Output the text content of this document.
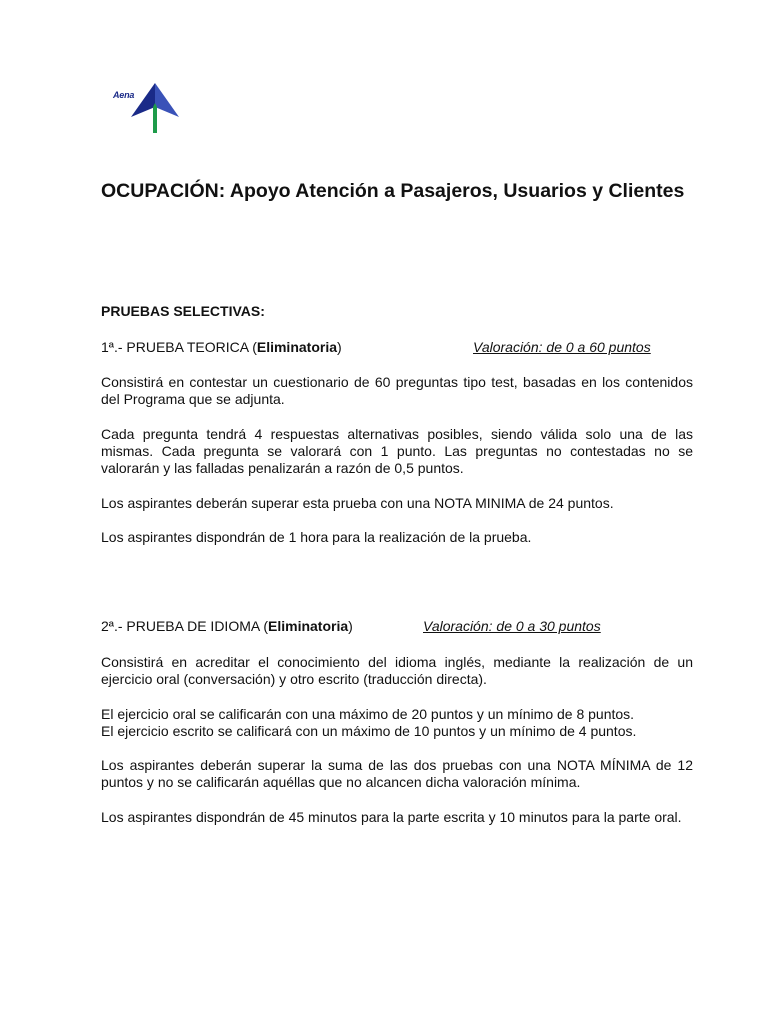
Aena
OCUPACIÓN: Apoyo Atención a Pasajeros, Usuarios y Clientes

PRUEBAS SELECTIVAS:

1ª.- PRUEBA TEORICA (Eliminatoria)	Valoración: de 0 a 60 puntos

Consistirá en contestar un cuestionario de 60 preguntas tipo test, basadas en los contenidos del Programa que se adjunta.

Cada pregunta tendrá 4 respuestas alternativas posibles, siendo válida solo una de las mismas. Cada pregunta se valorará con 1 punto. Las preguntas no contestadas no se valorarán y las falladas penalizarán a razón de 0,5 puntos.

Los aspirantes deberán superar esta prueba con una NOTA MINIMA de 24 puntos.

Los aspirantes dispondrán de 1 hora para la realización de la prueba.

2ª.- PRUEBA DE IDIOMA (Eliminatoria)	Valoración: de 0 a 30 puntos

Consistirá en acreditar el conocimiento del idioma inglés, mediante la realización de un ejercicio oral (conversación) y otro escrito (traducción directa).

El ejercicio oral se calificarán con una máximo de 20 puntos y un mínimo de 8 puntos.

El ejercicio escrito se calificará con un máximo de 10 puntos y un mínimo de 4 puntos.

Los aspirantes deberán superar la suma de las dos pruebas con una NOTA MÍNIMA de 12 puntos y no se calificarán aquéllas que no alcancen dicha valoración mínima.

Los aspirantes dispondrán de 45 minutos para la parte escrita y 10 minutos para la parte oral.
